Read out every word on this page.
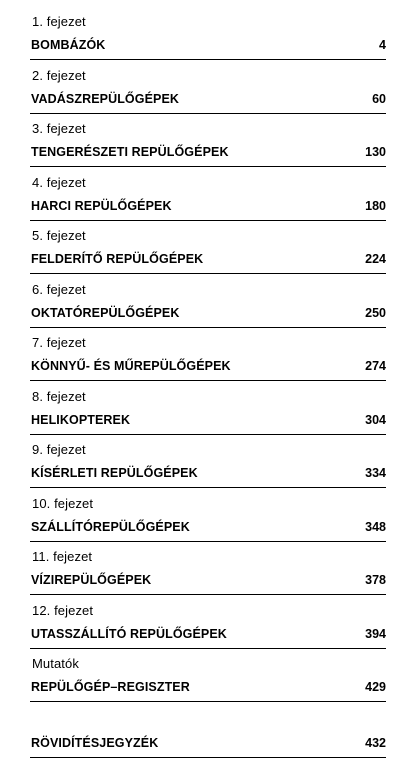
1. fejezet
BOMBÁZÓK	4
2. fejezet
VADÁSZREPÜLŐGÉPEK	60
3. fejezet
TENGERÉSZETI REPÜLŐGÉPEK	130
4. fejezet
HARCI REPÜLŐGÉPEK	180
5. fejezet
FELDERÍTŐ REPÜLŐGÉPEK	224
6. fejezet
OKTATÓREPÜLŐGÉPEK	250
7. fejezet
KÖNNYŰ- ÉS MŰREPÜLŐGÉPEK	274
8. fejezet
HELIKOPTEREK	304
9. fejezet
KÍSÉRLETI REPÜLŐGÉPEK	334
10. fejezet
SZÁLLÍTÓREPÜLŐGÉPEK	348
11. fejezet
VÍZIREPÜLŐGÉPEK	378
12. fejezet
UTASSZÁLLÍTÓ REPÜLŐGÉPEK	394
Mutatók
REPÜLŐGÉP–REGISZTER	429
RÖVIDÍTÉSJEGYZÉK	432
